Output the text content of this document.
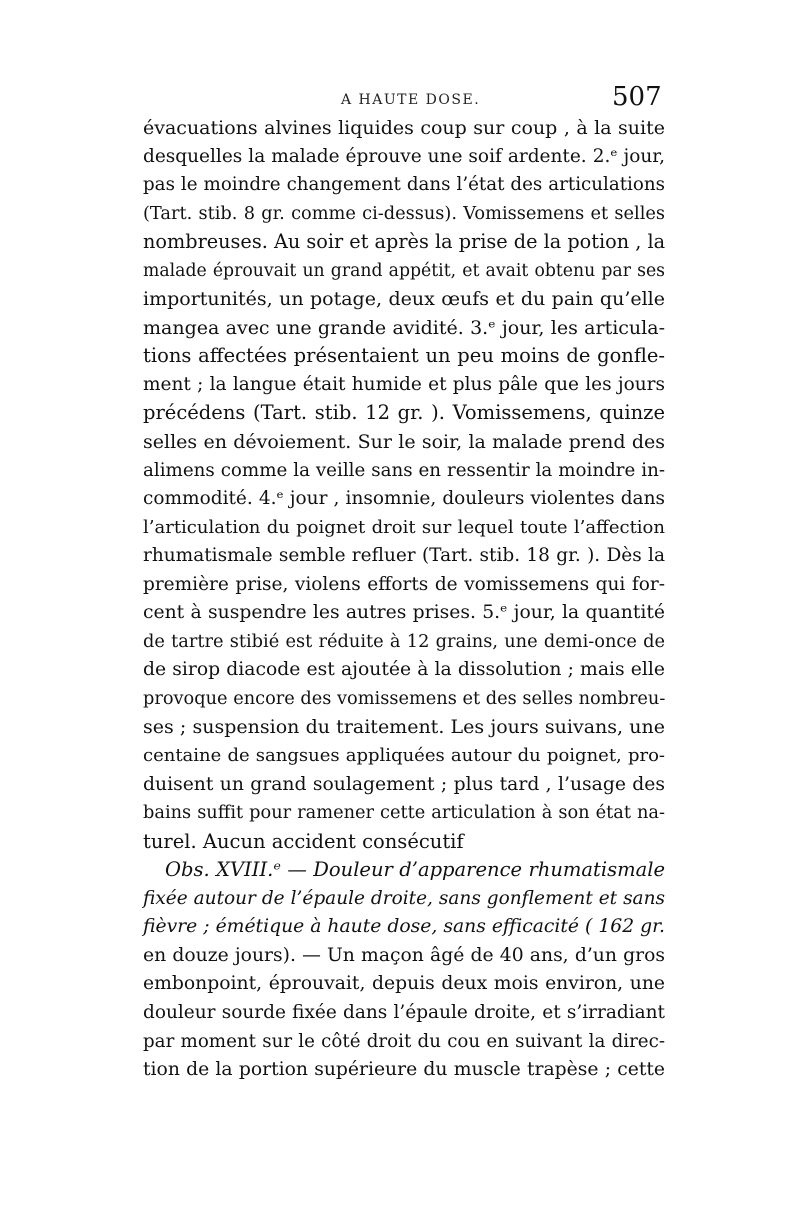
A HAUTE DOSE.	507
évacuations alvines liquides coup sur coup , à la suite
desquelles la malade éprouve une soif ardente. 2.ᵉ jour,
pas le moindre changement dans l’état des articulations
(Tart. stib. 8 gr. comme ci-dessus). Vomissemens et selles
nombreuses. Au soir et après la prise de la potion , la
malade éprouvait un grand appétit, et avait obtenu par ses
importunités, un potage, deux œufs et du pain qu’elle
mangea avec une grande avidité. 3.ᵉ jour, les articula-
tions affectées présentaient un peu moins de gonfle-
ment ; la langue était humide et plus pâle que les jours
précédens (Tart. stib. 12 gr. ). Vomissemens, quinze
selles en dévoiement. Sur le soir, la malade prend des
alimens comme la veille sans en ressentir la moindre in-
commodité. 4.ᵉ jour , insomnie, douleurs violentes dans
l’articulation du poignet droit sur lequel toute l’affection
rhumatismale semble refluer (Tart. stib. 18 gr. ). Dès la
première prise, violens efforts de vomissemens qui for-
cent à suspendre les autres prises. 5.ᵉ jour, la quantité
de tartre stibié est réduite à 12 grains, une demi-once de
de sirop diacode est ajoutée à la dissolution ; mais elle
provoque encore des vomissemens et des selles nombreu-
ses ; suspension du traitement. Les jours suivans, une
centaine de sangsues appliquées autour du poignet, pro-
duisent un grand soulagement ; plus tard , l’usage des
bains suffit pour ramener cette articulation à son état na-
turel. Aucun accident consécutif
Obs. XVIII.ᵉ — Douleur d’apparence rhumatismale
fixée autour de l’épaule droite, sans gonflement et sans
fièvre ; émétique à haute dose, sans efficacité ( 162 gr.
en douze jours). — Un maçon âgé de 40 ans, d’un gros
embonpoint, éprouvait, depuis deux mois environ, une
douleur sourde fixée dans l’épaule droite, et s’irradiant
par moment sur le côté droit du cou en suivant la direc-
tion de la portion supérieure du muscle trapèse ; cette
